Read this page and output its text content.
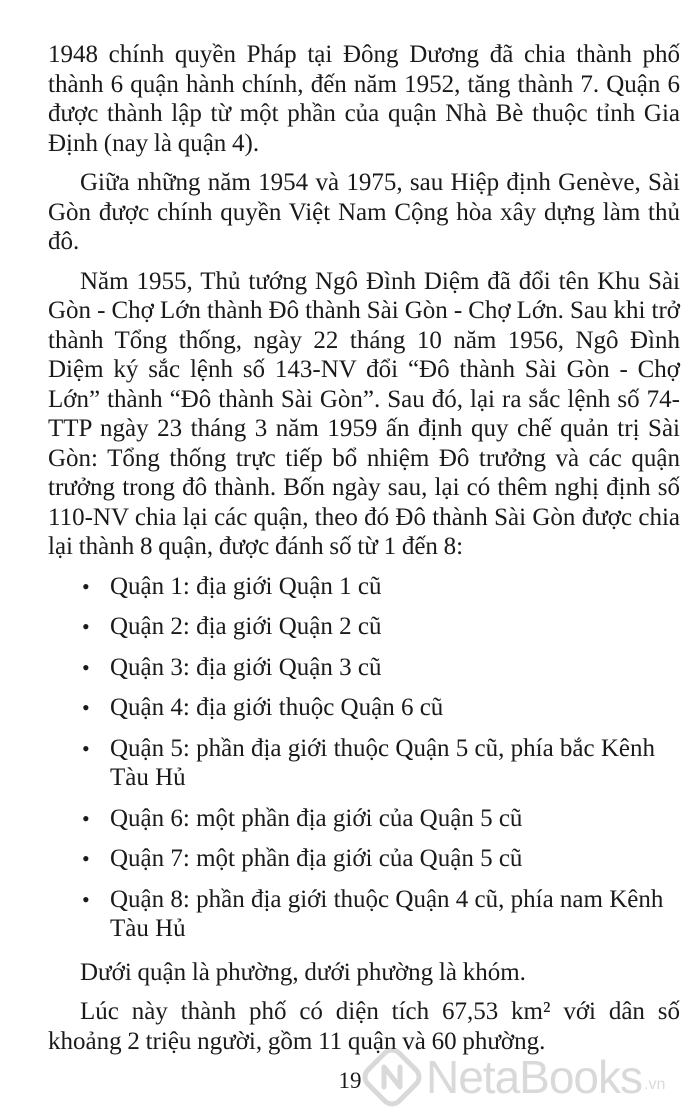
1948 chính quyền Pháp tại Đông Dương đã chia thành phố thành 6 quận hành chính, đến năm 1952, tăng thành 7. Quận 6 được thành lập từ một phần của quận Nhà Bè thuộc tỉnh Gia Định (nay là quận 4).

Giữa những năm 1954 và 1975, sau Hiệp định Genève, Sài Gòn được chính quyền Việt Nam Cộng hòa xây dựng làm thủ đô.

Năm 1955, Thủ tướng Ngô Đình Diệm đã đổi tên Khu Sài Gòn - Chợ Lớn thành Đô thành Sài Gòn - Chợ Lớn. Sau khi trở thành Tổng thống, ngày 22 tháng 10 năm 1956, Ngô Đình Diệm ký sắc lệnh số 143-NV đổi “Đô thành Sài Gòn - Chợ Lớn” thành “Đô thành Sài Gòn”. Sau đó, lại ra sắc lệnh số 74-TTP ngày 23 tháng 3 năm 1959 ấn định quy chế quản trị Sài Gòn: Tổng thống trực tiếp bổ nhiệm Đô trưởng và các quận trưởng trong đô thành. Bốn ngày sau, lại có thêm nghị định số 110-NV chia lại các quận, theo đó Đô thành Sài Gòn được chia lại thành 8 quận, được đánh số từ 1 đến 8:

• Quận 1: địa giới Quận 1 cũ
• Quận 2: địa giới Quận 2 cũ
• Quận 3: địa giới Quận 3 cũ
• Quận 4: địa giới thuộc Quận 6 cũ
• Quận 5: phần địa giới thuộc Quận 5 cũ, phía bắc Kênh Tàu Hủ
• Quận 6: một phần địa giới của Quận 5 cũ
• Quận 7: một phần địa giới của Quận 5 cũ
• Quận 8: phần địa giới thuộc Quận 4 cũ, phía nam Kênh Tàu Hủ

Dưới quận là phường, dưới phường là khóm.

Lúc này thành phố có diện tích 67,53 km² với dân số khoảng 2 triệu người, gồm 11 quận và 60 phường.

19	NetaBooks .vn
